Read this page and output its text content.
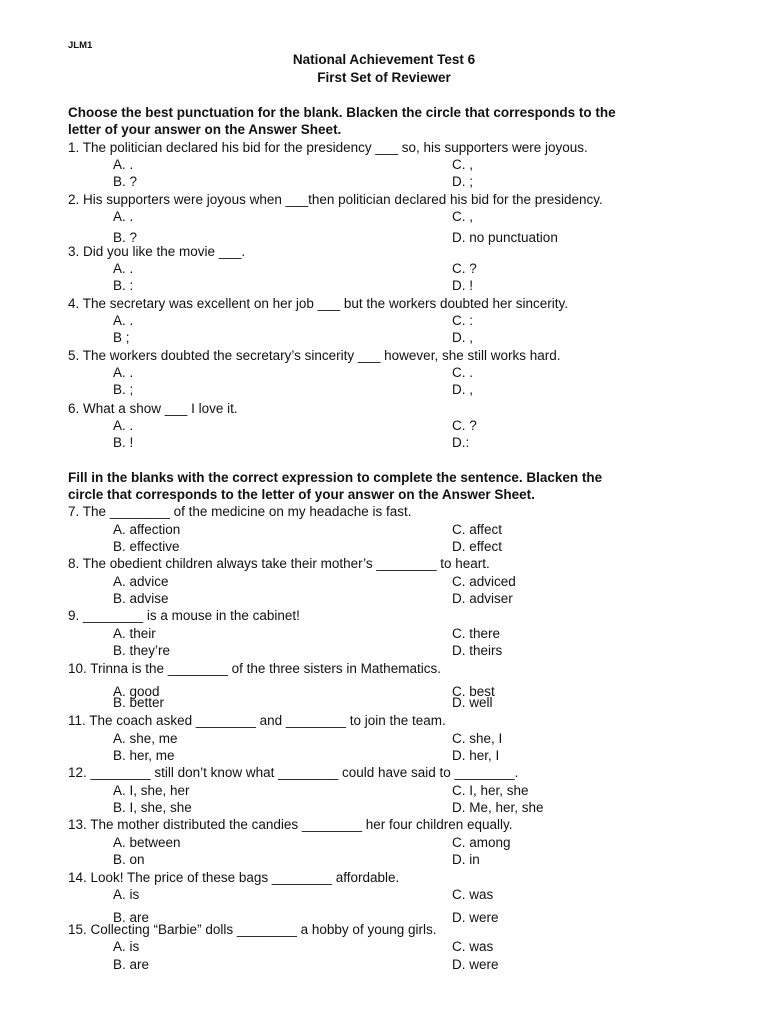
JLM1
National Achievement Test 6
First Set of Reviewer
Choose the best punctuation for the blank. Blacken the circle that corresponds to the
letter of your answer on the Answer Sheet.
1. The politician declared his bid for the presidency ___ so, his supporters were joyous.
A. .	C. ,
B. ?	D. ;
2. His supporters were joyous when ___then politician declared his bid for the presidency.
A. .	C. ,
B. ?	D. no punctuation
3. Did you like the movie ___.
A. .	C. ?
B. :	D. !
4. The secretary was excellent on her job ___ but the workers doubted her sincerity.
A. .	C. :
B ;	D. ,
5. The workers doubted the secretary’s sincerity ___ however, she still works hard.
A. .	C. .
B. ;	D. ,
6. What a show ___ I love it.
A. .	C. ?
B. !	D.:
Fill in the blanks with the correct expression to complete the sentence. Blacken the
circle that corresponds to the letter of your answer on the Answer Sheet.
7. The ________ of the medicine on my headache is fast.
A. affection	C. affect
B. effective	D. effect
8. The obedient children always take their mother’s ________ to heart.
A. advice	C. adviced
B. advise	D. adviser
9. ________ is a mouse in the cabinet!
A. their	C. there
B. they’re	D. theirs
10. Trinna is the ________ of the three sisters in Mathematics.
A. good	C. best
B. better	D. well
11. The coach asked ________ and ________ to join the team.
A. she, me	C. she, I
B. her, me	D. her, I
12. ________ still don’t know what ________ could have said to ________.
A. I, she, her	C. I, her, she
B. I, she, she	D. Me, her, she
13. The mother distributed the candies ________ her four children equally.
A. between	C. among
B. on	D. in
14. Look! The price of these bags ________ affordable.
A. is	C. was
B. are	D. were
15. Collecting “Barbie” dolls ________ a hobby of young girls.
A. is	C. was
B. are	D. were
